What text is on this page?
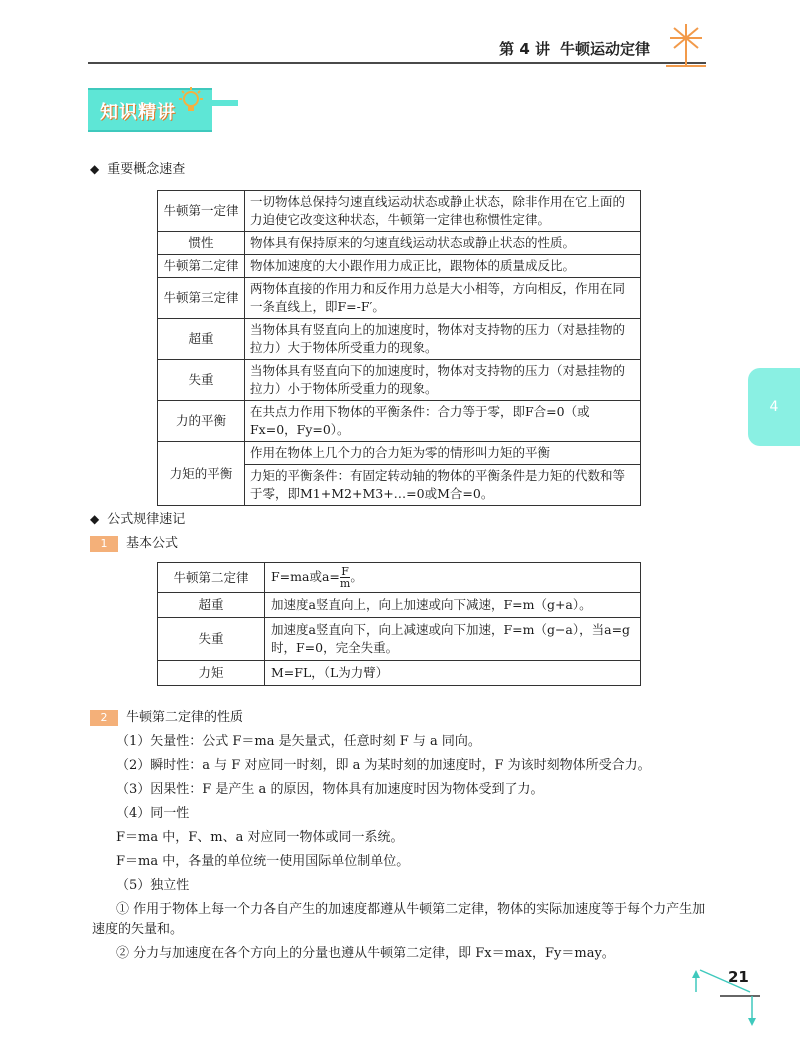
第 4 讲 牛顿运动定律
知识精讲
4
◆ 重要概念速查
牛顿第一定律	一切物体总保持匀速直线运动状态或静止状态，除非作用在它上面的力迫使它改变这种状态，牛顿第一定律也称惯性定律。
惯性	物体具有保持原来的匀速直线运动状态或静止状态的性质。
牛顿第二定律	物体加速度的大小跟作用力成正比，跟物体的质量成反比。
牛顿第三定律	两物体直接的作用力和反作用力总是大小相等，方向相反，作用在同一条直线上，即F=-F′。
超重	当物体具有竖直向上的加速度时，物体对支持物的压力（对悬挂物的拉力）大于物体所受重力的现象。
失重	当物体具有竖直向下的加速度时，物体对支持物的压力（对悬挂物的拉力）小于物体所受重力的现象。
力的平衡	在共点力作用下物体的平衡条件：合力等于零，即F合=0（或Fx=0，Fy=0）。
力矩的平衡	作用在物体上几个力的合力矩为零的情形叫力矩的平衡
	力矩的平衡条件：有固定转动轴的物体的平衡条件是力矩的代数和等于零，即M1+M2+M3+…=0或M合=0。
◆ 公式规律速记
1 基本公式
牛顿第二定律	F=ma或$a= \frac{F}{m}$ 。
超重	加速度a竖直向上，向上加速或向下减速，F=m（g+a）。
失重	加速度a竖直向下，向上减速或向下加速，F=m（g−a），当a=g时，F=0，完全失重。
力矩	M=FL，（L为力臂）
2 牛顿第二定律的性质
（1）矢量性：公式 F＝ma 是矢量式，任意时刻 F 与 a 同向。
（2）瞬时性：a 与 F 对应同一时刻，即 a 为某时刻的加速度时，F 为该时刻物体所受合力。
（3）因果性：F 是产生 a 的原因，物体具有加速度时因为物体受到了力。
（4）同一性
F＝ma 中，F、m、a 对应同一物体或同一系统。
F＝ma 中，各量的单位统一使用国际单位制单位。
（5）独立性
① 作用于物体上每一个力各自产生的加速度都遵从牛顿第二定律，物体的实际加速度等于每个力产生加
速度的矢量和。
② 分力与加速度在各个方向上的分量也遵从牛顿第二定律，即 Fx＝max，Fy＝may。
21
